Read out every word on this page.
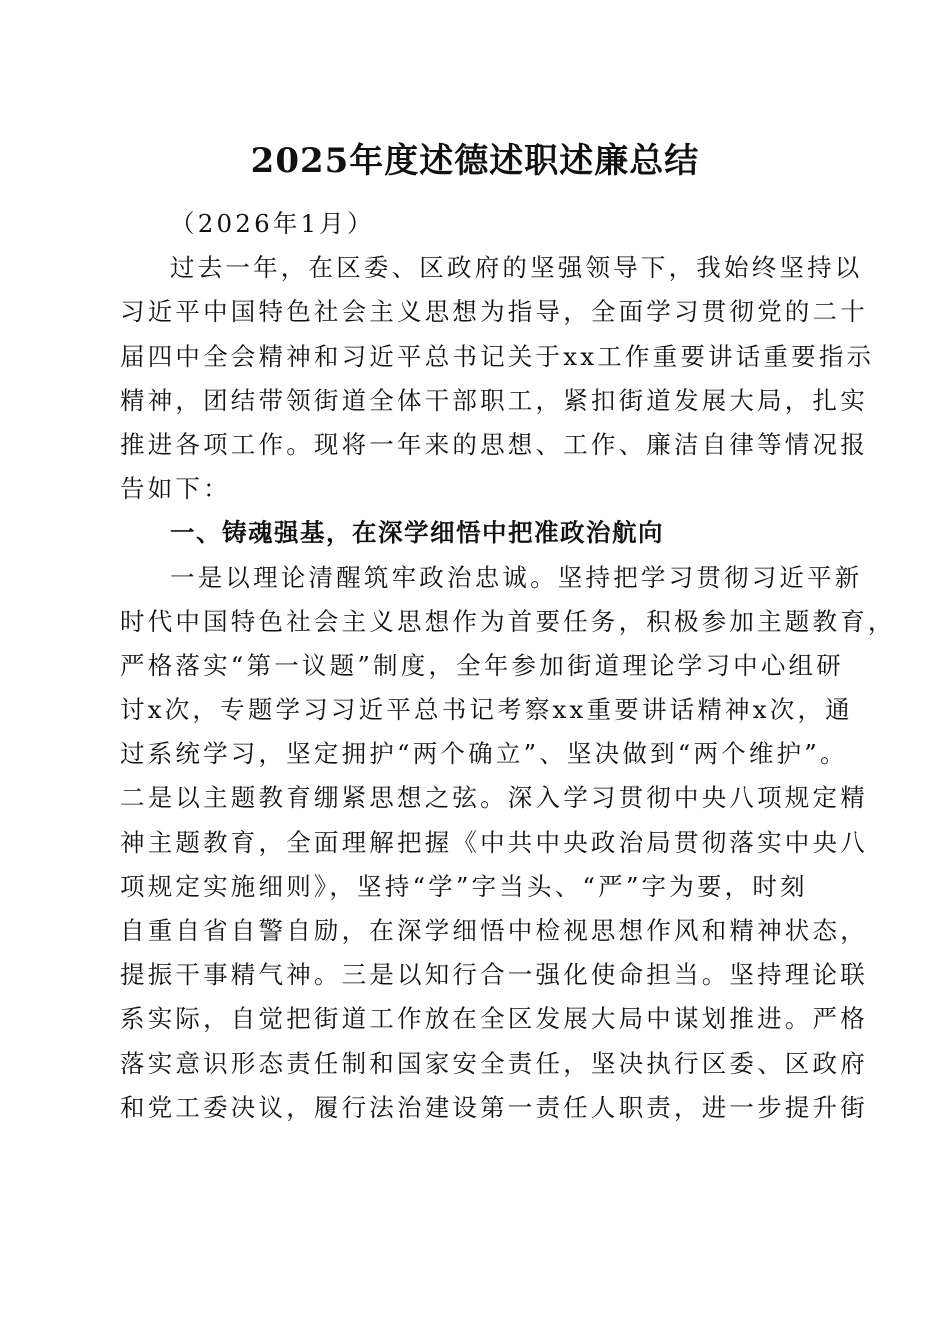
2025年度述德述职述廉总结
（2026年1月）
过去一年，在区委、区政府的坚强领导下，我始终坚持以
习近平中国特色社会主义思想为指导，全面学习贯彻党的二十
届四中全会精神和习近平总书记关于xx工作重要讲话重要指示
精神，团结带领街道全体干部职工，紧扣街道发展大局，扎实
推进各项工作。现将一年来的思想、工作、廉洁自律等情况报
告如下：
一、铸魂强基，在深学细悟中把准政治航向
一是以理论清醒筑牢政治忠诚。坚持把学习贯彻习近平新
时代中国特色社会主义思想作为首要任务，积极参加主题教育，
严格落实“第一议题”制度，全年参加街道理论学习中心组研
讨x次，专题学习习近平总书记考察xx重要讲话精神x次，通
过系统学习，坚定拥护“两个确立”、坚决做到“两个维护”。
二是以主题教育绷紧思想之弦。深入学习贯彻中央八项规定精
神主题教育，全面理解把握《中共中央政治局贯彻落实中央八
项规定实施细则》，坚持“学”字当头、“严”字为要，时刻
自重自省自警自励，在深学细悟中检视思想作风和精神状态，
提振干事精气神。三是以知行合一强化使命担当。坚持理论联
系实际，自觉把街道工作放在全区发展大局中谋划推进。严格
落实意识形态责任制和国家安全责任，坚决执行区委、区政府
和党工委决议，履行法治建设第一责任人职责，进一步提升街
